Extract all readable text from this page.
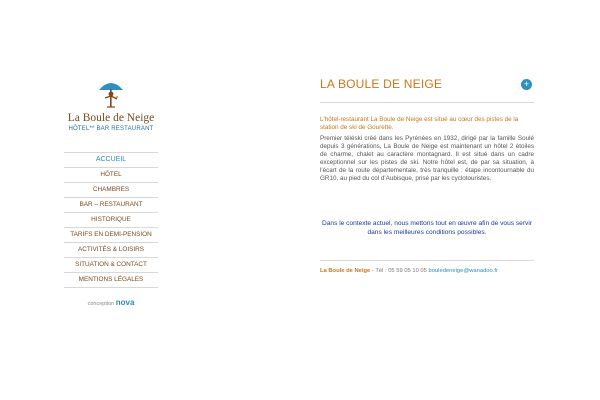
La Boule de Neige
HÔTEL** BAR RESTAURANT
ACCUEIL
HÔTEL
CHAMBRES
BAR – RESTAURANT
HISTORIQUE
TARIFS EN DEMI-PENSION
ACTIVITÉS & LOISIRS
SITUATION & CONTACT
MENTIONS LÉGALES
conception nova
LA BOULE DE NEIGE	+
L'hôtel-restaurant La Boule de Neige est situé au cœur des pistes de la station de ski de Gourette.
Premier téléski créé dans les Pyrénées en 1932, dirigé par la famille Soulé depuis 3 générations, La Boule de Neige est maintenant un hôtel 2 étoiles de charme, chalet au caractère montagnard. Il est situé dans un cadre exceptionnel sur les pistes de ski. Notre hôtel est, de par sa situation, à l'écart de la route départementale, très tranquille : étape incontournable du GR10, au pied du col d'Aubisque, prisé par les cyclotouristes.
Dans le contexte actuel, nous mettons tout en œuvre afin de vous servir dans les meilleures conditions possibles.
La Boule de Neige - Tél : 05 59 05 10 05 bouledeneige@wanadoo.fr
